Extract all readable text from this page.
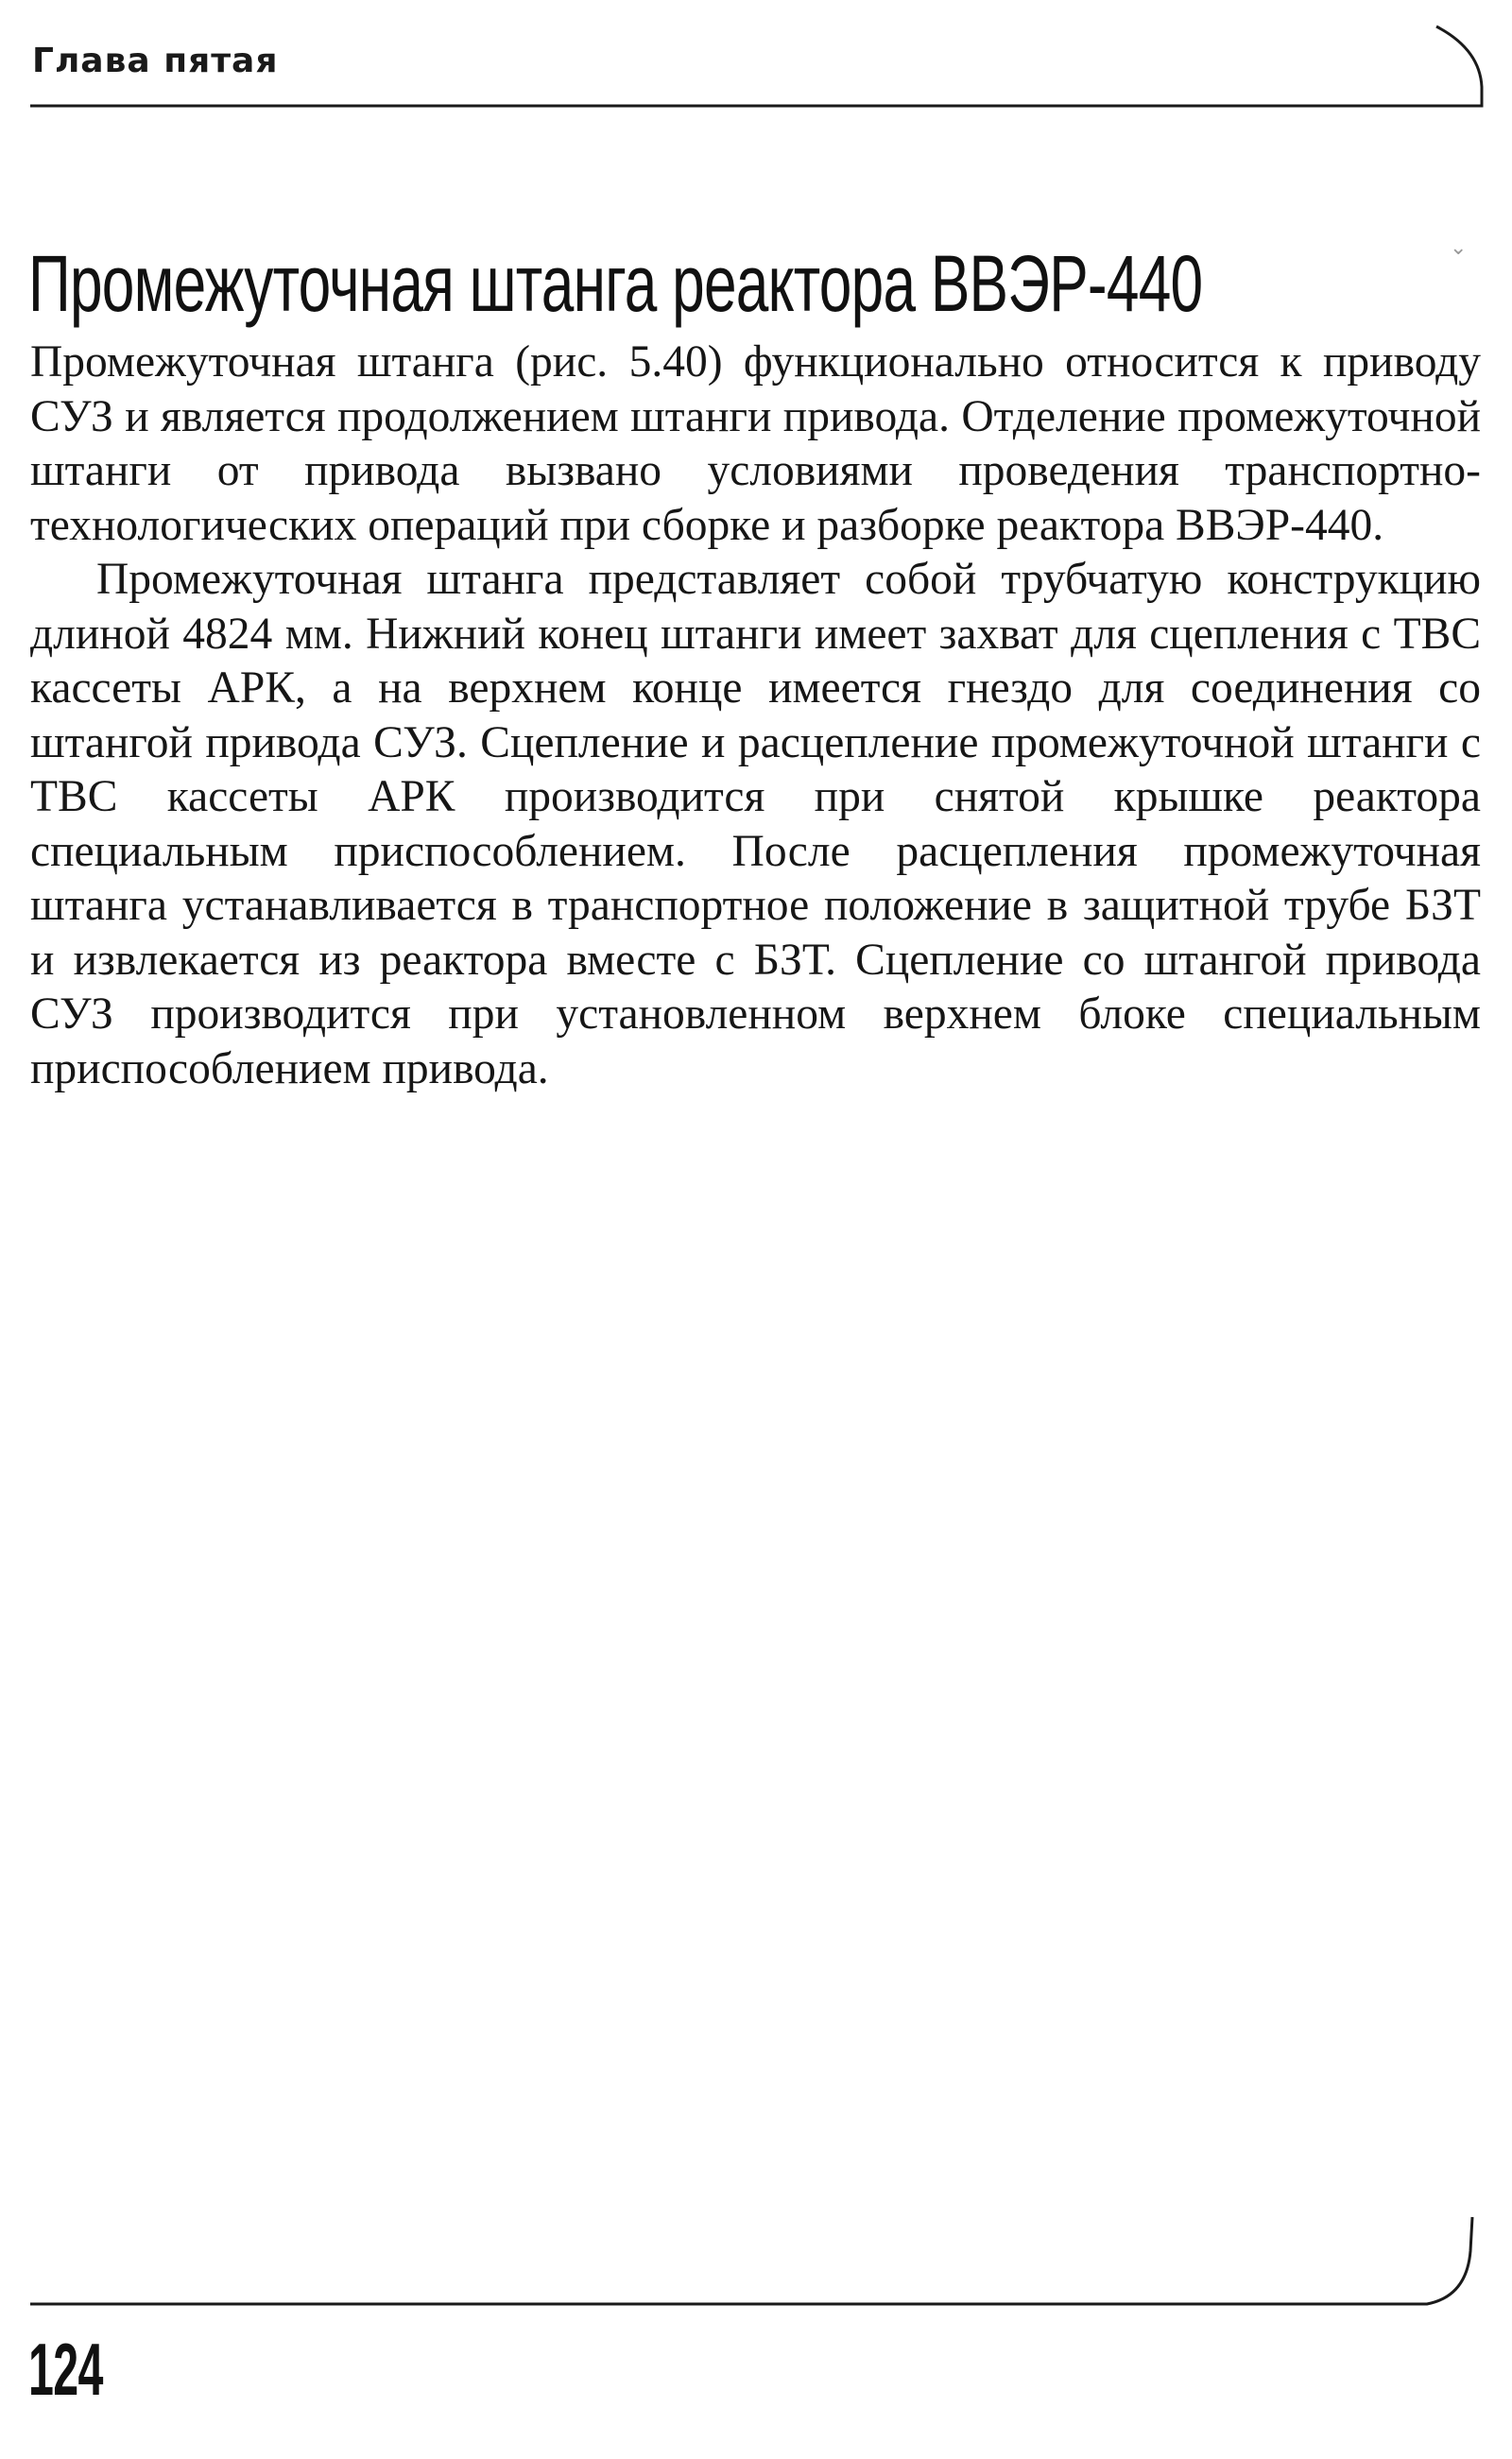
Глава пятая
Промежуточная штанга реактора ВВЭР-440	⌄

Промежуточная штанга (рис. 5.40) функционально относится к приводу СУЗ и является продолжением штанги привода. Отделение промежуточной штанги от привода вызвано условиями проведения транспортно-технологических операций при сборке и разборке реактора ВВЭР-440.

Промежуточная штанга представляет собой трубчатую конструкцию длиной 4824 мм. Нижний конец штанги имеет захват для сцепления с ТВС кассеты АРК, а на верхнем конце имеется гнездо для соединения со штангой привода СУЗ. Сцепление и расцепление промежуточной штанги с ТВС кассеты АРК производится при снятой крышке реактора специальным приспособлением. После расцепления промежуточная штанга устанавливается в транспортное положение в защитной трубе БЗТ и извлекается из реактора вместе с БЗТ. Сцепление со штангой привода СУЗ производится при установленном верхнем блоке специальным приспособлением привода.

124
